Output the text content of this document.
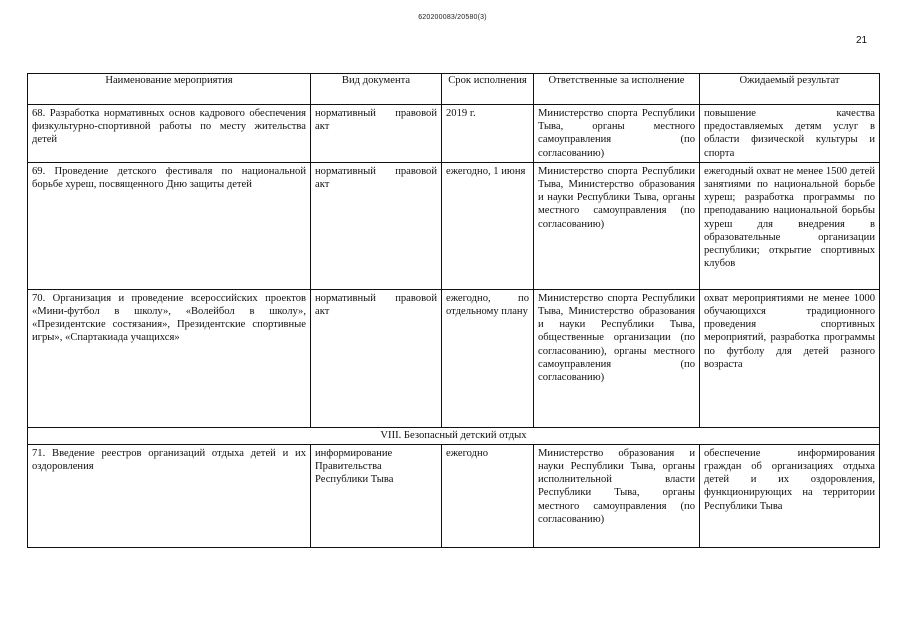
620200083/20580(3)
21
Наименование мероприятия	Вид документа	Срок исполнения	Ответственные за исполнение	Ожидаемый результат
68. Разработка нормативных основ кадрового обеспечения физкультурно-спортивной работы по месту жительства детей	нормативный правовой акт	2019 г.	Министерство спорта Республики Тыва, органы местного самоуправления (по согласованию)	повышение качества предоставляемых детям услуг в области физической культуры и спорта
69. Проведение детского фестиваля по национальной борьбе хуреш, посвященного Дню защиты детей	нормативный правовой акт	ежегодно, 1 июня	Министерство спорта Республики Тыва, Министерство образования и науки Республики Тыва, органы местного самоуправления (по согласованию)	ежегодный охват не менее 1500 детей занятиями по национальной борьбе хуреш; разработка программы по преподаванию национальной борьбы хуреш для внедрения в образовательные организации республики; открытие спортивных клубов
70. Организация и проведение всероссийских проектов «Мини-футбол в школу», «Волейбол в школу», «Президентские состязания», Президентские спортивные игры», «Спартакиада учащихся»	нормативный правовой акт	ежегодно, по отдельному плану	Министерство спорта Республики Тыва, Министерство образования и науки Республики Тыва, общественные организации (по согласованию), органы местного самоуправления (по согласованию)	охват мероприятиями не менее 1000 обучающихся традиционного проведения спортивных мероприятий, разработка программы по футболу для детей разного возраста
VIII. Безопасный детский отдых				
71. Введение реестров организаций отдыха детей и их оздоровления	информирование Правительства Республики Тыва	ежегодно	Министерство образования и науки Республики Тыва, органы исполнительной власти Республики Тыва, органы местного самоуправления (по согласованию)	обеспечение информирования граждан об организациях отдыха детей и их оздоровления, функционирующих на территории Республики Тыва
